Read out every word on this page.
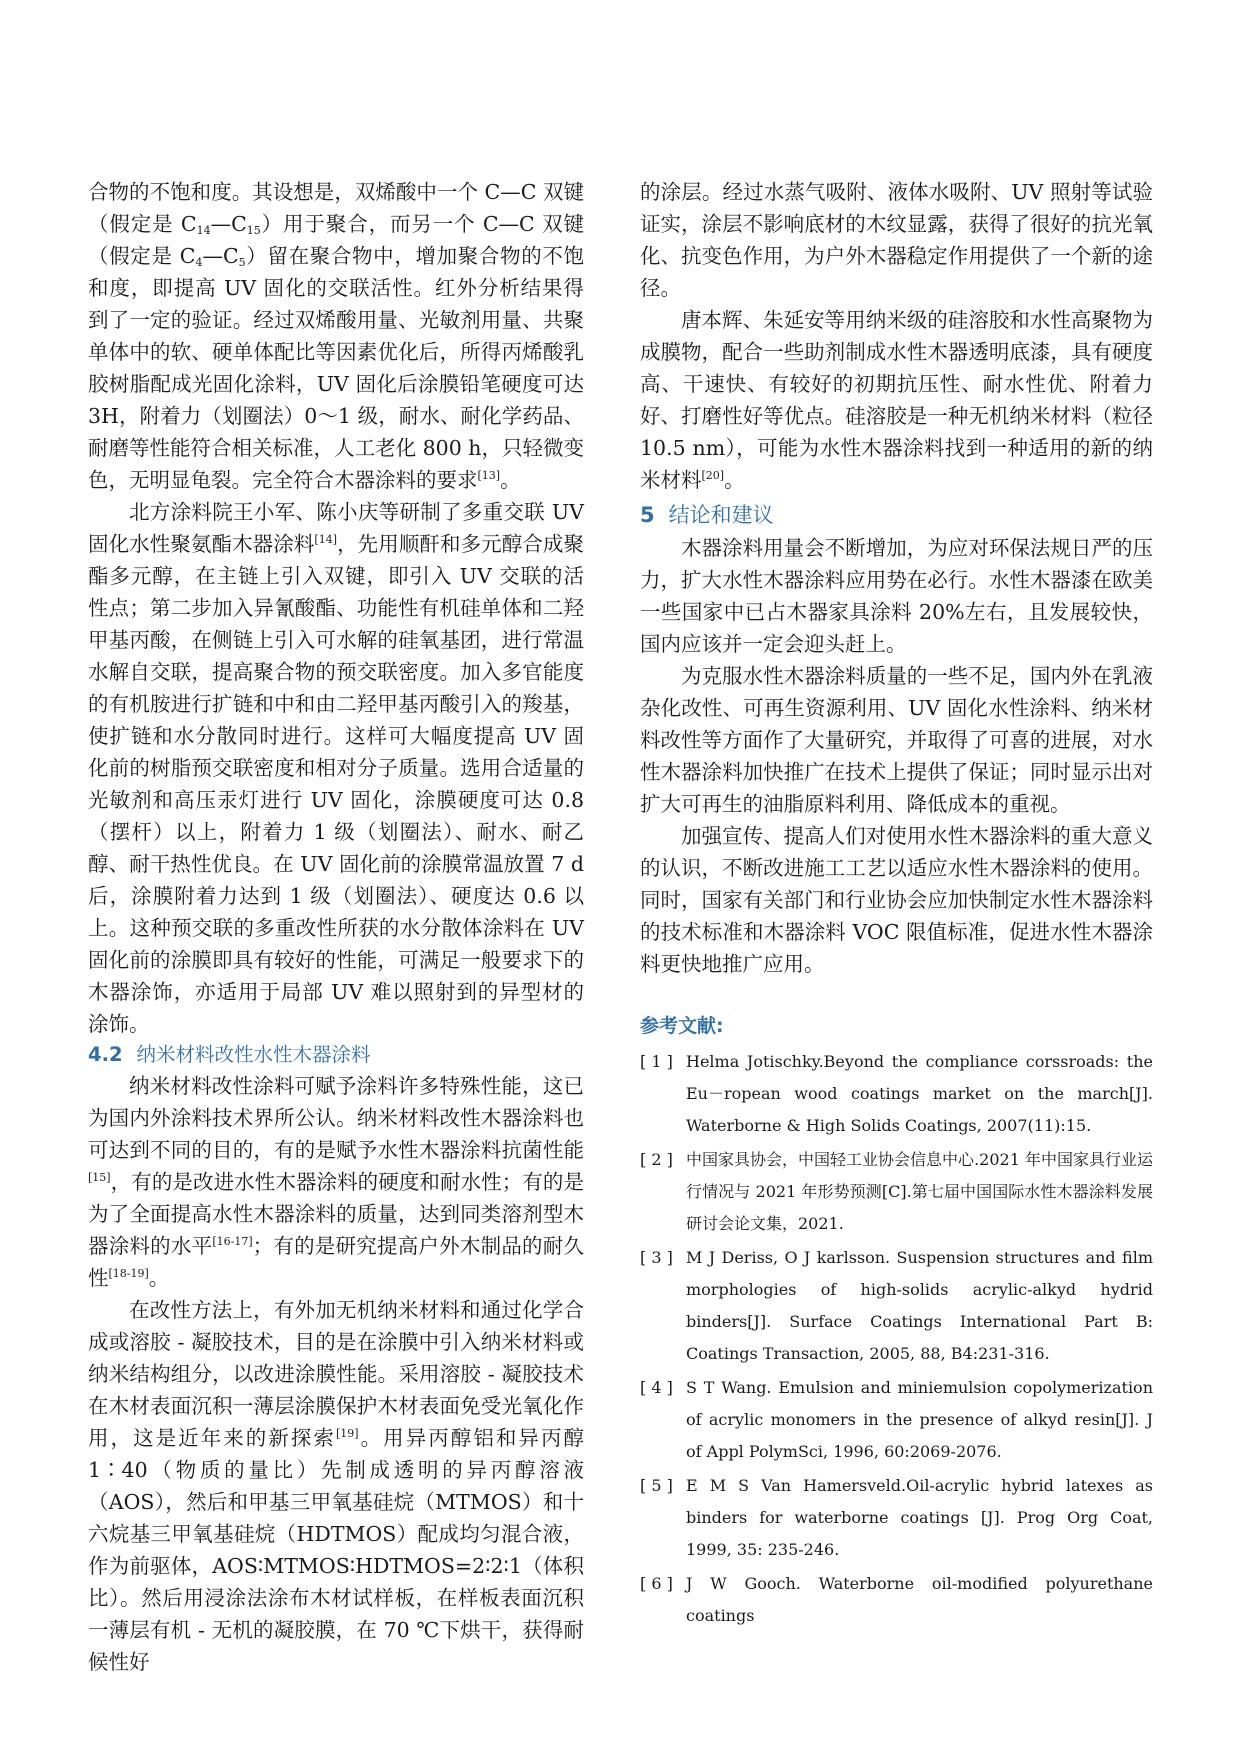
合物的不饱和度。其设想是，双烯酸中一个 C—C 双键（假定是 $C_{14}—C_{15}$）用于聚合，而另一个 C—C 双键（假定是 $C_4—C_5$）留在聚合物中，增加聚合物的不饱和度，即提高 UV 固化的交联活性。红外分析结果得到了一定的验证。经过双烯酸用量、光敏剂用量、共聚单体中的软、硬单体配比等因素优化后，所得丙烯酸乳胶树脂配成光固化涂料，UV 固化后涂膜铅笔硬度可达 3H，附着力（划圈法）0～1 级，耐水、耐化学药品、耐磨等性能符合相关标准，人工老化 800 h，只轻微变色，无明显龟裂。完全符合木器涂料的要求[13]。

北方涂料院王小军、陈小庆等研制了多重交联 UV 固化水性聚氨酯木器涂料[14]，先用顺酐和多元醇合成聚酯多元醇，在主链上引入双键，即引入 UV 交联的活性点；第二步加入异氰酸酯、功能性有机硅单体和二羟甲基丙酸，在侧链上引入可水解的硅氧基团，进行常温水解自交联，提高聚合物的预交联密度。加入多官能度的有机胺进行扩链和中和由二羟甲基丙酸引入的羧基，使扩链和水分散同时进行。这样可大幅度提高 UV 固化前的树脂预交联密度和相对分子质量。选用合适量的光敏剂和高压汞灯进行 UV 固化，涂膜硬度可达 0.8（摆杆）以上，附着力 1 级（划圈法）、耐水、耐乙醇、耐干热性优良。在 UV 固化前的涂膜常温放置 7 d 后，涂膜附着力达到 1 级（划圈法）、硬度达 0.6 以上。这种预交联的多重改性所获的水分散体涂料在 UV 固化前的涂膜即具有较好的性能，可满足一般要求下的木器涂饰，亦适用于局部 UV 难以照射到的异型材的涂饰。

4.2 纳米材料改性水性木器涂料

纳米材料改性涂料可赋予涂料许多特殊性能，这已为国内外涂料技术界所公认。纳米材料改性木器涂料也可达到不同的目的，有的是赋予水性木器涂料抗菌性能[15]，有的是改进水性木器涂料的硬度和耐水性；有的是为了全面提高水性木器涂料的质量，达到同类溶剂型木器涂料的水平[16-17]；有的是研究提高户外木制品的耐久性[18-19]。

在改性方法上，有外加无机纳米材料和通过化学合成或溶胶 - 凝胶技术，目的是在涂膜中引入纳米材料或纳米结构组分，以改进涂膜性能。采用溶胶 - 凝胶技术在木材表面沉积一薄层涂膜保护木材表面免受光氧化作用，这是近年来的新探索[19]。用异丙醇铝和异丙醇 1∶40（物质的量比）先制成透明的异丙醇溶液（AOS），然后和甲基三甲氧基硅烷（MTMOS）和十六烷基三甲氧基硅烷（HDTMOS）配成均匀混合液，作为前驱体，AOS∶MTMOS∶HDTMOS=2∶2∶1（体积比）。然后用浸涂法涂布木材试样板，在样板表面沉积一薄层有机 - 无机的凝胶膜，在 70 ℃下烘干，获得耐候性好

的涂层。经过水蒸气吸附、液体水吸附、UV 照射等试验证实，涂层不影响底材的木纹显露，获得了很好的抗光氧化、抗变色作用，为户外木器稳定作用提供了一个新的途径。

唐本辉、朱延安等用纳米级的硅溶胶和水性高聚物为成膜物，配合一些助剂制成水性木器透明底漆，具有硬度高、干速快、有较好的初期抗压性、耐水性优、附着力好、打磨性好等优点。硅溶胶是一种无机纳米材料（粒径 10.5 nm），可能为水性木器涂料找到一种适用的新的纳米材料[20]。

5 结论和建议

木器涂料用量会不断增加，为应对环保法规日严的压力，扩大水性木器涂料应用势在必行。水性木器漆在欧美一些国家中已占木器家具涂料 20%左右，且发展较快，国内应该并一定会迎头赶上。

为克服水性木器涂料质量的一些不足，国内外在乳液杂化改性、可再生资源利用、UV 固化水性涂料、纳米材料改性等方面作了大量研究，并取得了可喜的进展，对水性木器涂料加快推广在技术上提供了保证；同时显示出对扩大可再生的油脂原料利用、降低成本的重视。

加强宣传、提高人们对使用水性木器涂料的重大意义的认识，不断改进施工工艺以适应水性木器涂料的使用。同时，国家有关部门和行业协会应加快制定水性木器涂料的技术标准和木器涂料 VOC 限值标准，促进水性木器涂料更快地推广应用。

参考文献:
[ 1 ] Helma Jotischky.Beyond the compliance corssroads: the Eu－ropean wood coatings market on the march[J]. Waterborne & High Solids Coatings, 2007(11):15.
[ 2 ] 中国家具协会，中国轻工业协会信息中心.2021 年中国家具行业运行情况与 2021 年形势预测[C].第七届中国国际水性木器涂料发展研讨会论文集，2021.
[ 3 ] M J Deriss, O J karlsson. Suspension structures and film morphologies of high-solids acrylic-alkyd hydrid binders[J]. Surface Coatings International Part B: Coatings Transaction, 2005, 88, B4:231-316.
[ 4 ] S T Wang. Emulsion and miniemulsion copolymerization of acrylic monomers in the presence of alkyd resin[J]. J of Appl PolymSci, 1996, 60:2069-2076.
[ 5 ] E M S Van Hamersveld.Oil-acrylic hybrid latexes as binders for waterborne coatings [J]. Prog Org Coat, 1999, 35: 235-246.
[ 6 ] J W Gooch. Waterborne oil-modified polyurethane coatings
